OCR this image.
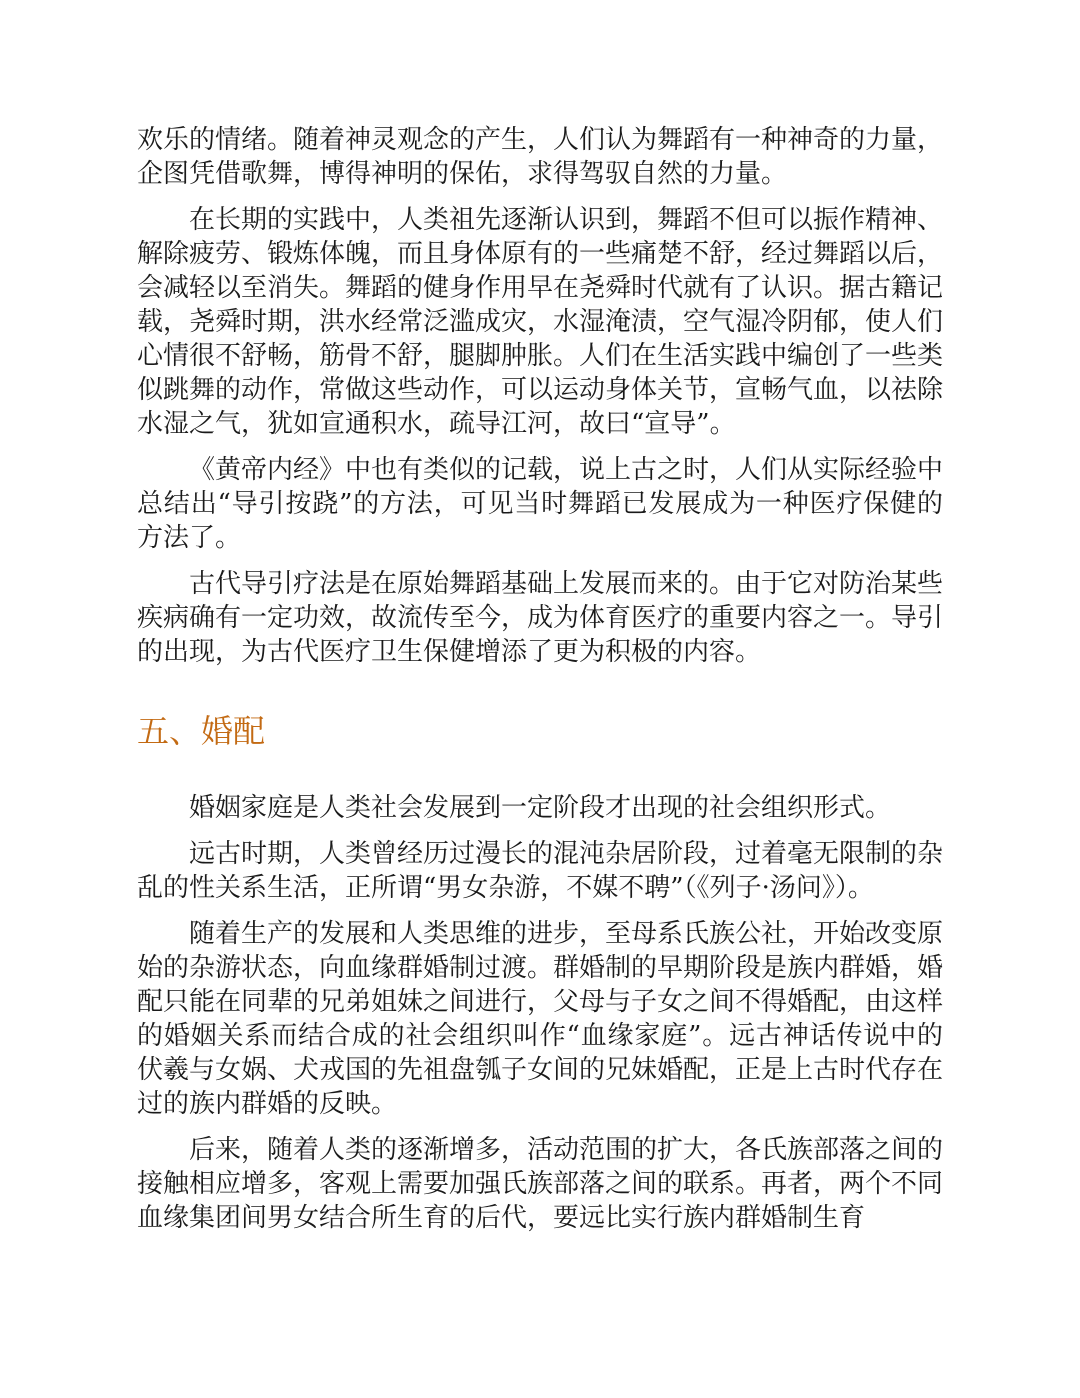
欢乐的情绪。随着神灵观念的产生，人们认为舞蹈有一种神奇的力量，企图凭借歌舞，博得神明的保佑，求得驾驭自然的力量。

在长期的实践中，人类祖先逐渐认识到，舞蹈不但可以振作精神、解除疲劳、锻炼体魄，而且身体原有的一些痛楚不舒，经过舞蹈以后，会减轻以至消失。舞蹈的健身作用早在尧舜时代就有了认识。据古籍记载，尧舜时期，洪水经常泛滥成灾，水湿淹渍，空气湿冷阴郁，使人们心情很不舒畅，筋骨不舒，腿脚肿胀。人们在生活实践中编创了一些类似跳舞的动作，常做这些动作，可以运动身体关节，宣畅气血，以祛除水湿之气，犹如宣通积水，疏导江河，故曰“宣导”。

《黄帝内经》中也有类似的记载，说上古之时，人们从实际经验中总结出“导引按跷”的方法，可见当时舞蹈已发展成为一种医疗保健的方法了。

古代导引疗法是在原始舞蹈基础上发展而来的。由于它对防治某些疾病确有一定功效，故流传至今，成为体育医疗的重要内容之一。导引的出现，为古代医疗卫生保健增添了更为积极的内容。

五、婚配

婚姻家庭是人类社会发展到一定阶段才出现的社会组织形式。

远古时期，人类曾经历过漫长的混沌杂居阶段，过着毫无限制的杂乱的性关系生活，正所谓“男女杂游，不媒不聘”（《列子·汤问》）。

随着生产的发展和人类思维的进步，至母系氏族公社，开始改变原始的杂游状态，向血缘群婚制过渡。群婚制的早期阶段是族内群婚，婚配只能在同辈的兄弟姐妹之间进行，父母与子女之间不得婚配，由这样的婚姻关系而结合成的社会组织叫作“血缘家庭”。远古神话传说中的伏羲与女娲、犬戎国的先祖盘瓠子女间的兄妹婚配，正是上古时代存在过的族内群婚的反映。

后来，随着人类的逐渐增多，活动范围的扩大，各氏族部落之间的接触相应增多，客观上需要加强氏族部落之间的联系。再者，两个不同血缘集团间男女结合所生育的后代，要远比实行族内群婚制生育
